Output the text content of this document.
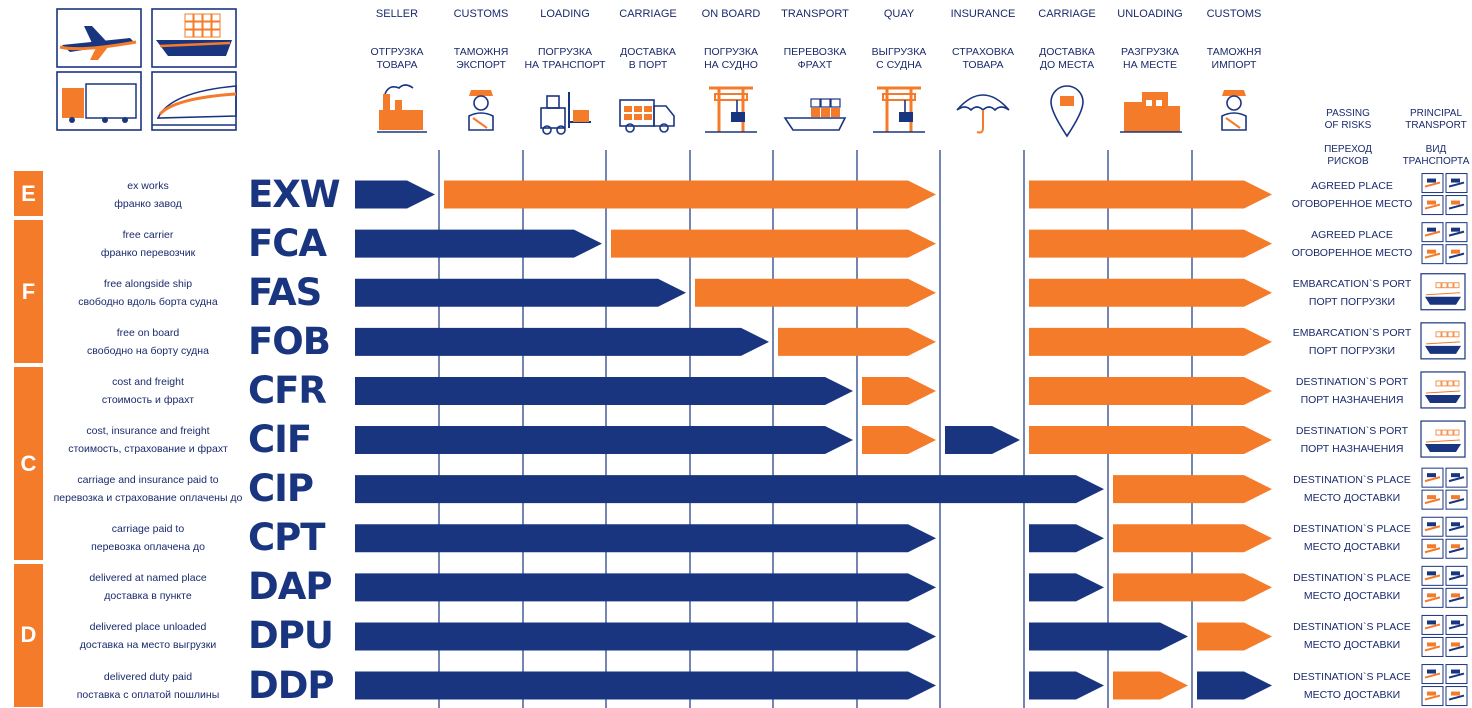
SELLER
ОТГРУЗКА
ТОВАРА
CUSTOMS
ТАМОЖНЯ
ЭКСПОРТ
LOADING
ПОГРУЗКА
НА ТРАНСПОРТ
CARRIAGE
ДОСТАВКА
В ПОРТ
ON BOARD
ПОГРУЗКА
НА СУДНО
TRANSPORT
ПЕРЕВОЗКА
ФРАХТ
QUAY
ВЫГРУЗКА
С СУДНА
INSURANCE
СТРАХОВКА
ТОВАРА
CARRIAGE
ДОСТАВКА
ДО МЕСТА
UNLOADING
РАЗГРУЗКА
НА МЕСТЕ
CUSTOMS
ТАМОЖНЯ
ИМПОРТ
PASSING
OF RISKS
ПЕРЕХОД
РИСКОВ
PRINCIPAL
TRANSPORT
ВИД
ТРАНСПОРТА
E
F
C
D
ex works
франко завод	EXW	AGREED PLACE
ОГОВОРЕННОЕ МЕСТО
free carrier
франко перевозчик	FCA	AGREED PLACE
ОГОВОРЕННОЕ МЕСТО
free alongside ship
свободно вдоль борта судна FAS	EMBARCATION`S PORT
ПОРТ ПОГРУЗКИ
free on board
свободно на борту судна	FOB	EMBARCATION`S PORT
ПОРТ ПОГРУЗКИ
cost and freight
стоимость и фрахт	CFR	DESTINATION`S PORT
ПОРТ НАЗНАЧЕНИЯ
cost, insurance and freight
стоимость, страхование и фрахт CIF	DESTINATION`S PORT
ПОРТ НАЗНАЧЕНИЯ
carriage and insurance paid to
перевозка и страхование оплачены до CIP	DESTINATION`S PLACE
МЕСТО ДОСТАВКИ
carriage paid to
перевозка оплачена до	CPT	DESTINATION`S PLACE
МЕСТО ДОСТАВКИ
delivered at named place
доставка в пункте	DAP	DESTINATION`S PLACE
МЕСТО ДОСТАВКИ
delivered place unloaded
доставка на место выгрузки DPU	DESTINATION`S PLACE
МЕСТО ДОСТАВКИ
delivered duty paid
поставка с оплатой пошлины DDP	DESTINATION`S PLACE
МЕСТО ДОСТАВКИ
